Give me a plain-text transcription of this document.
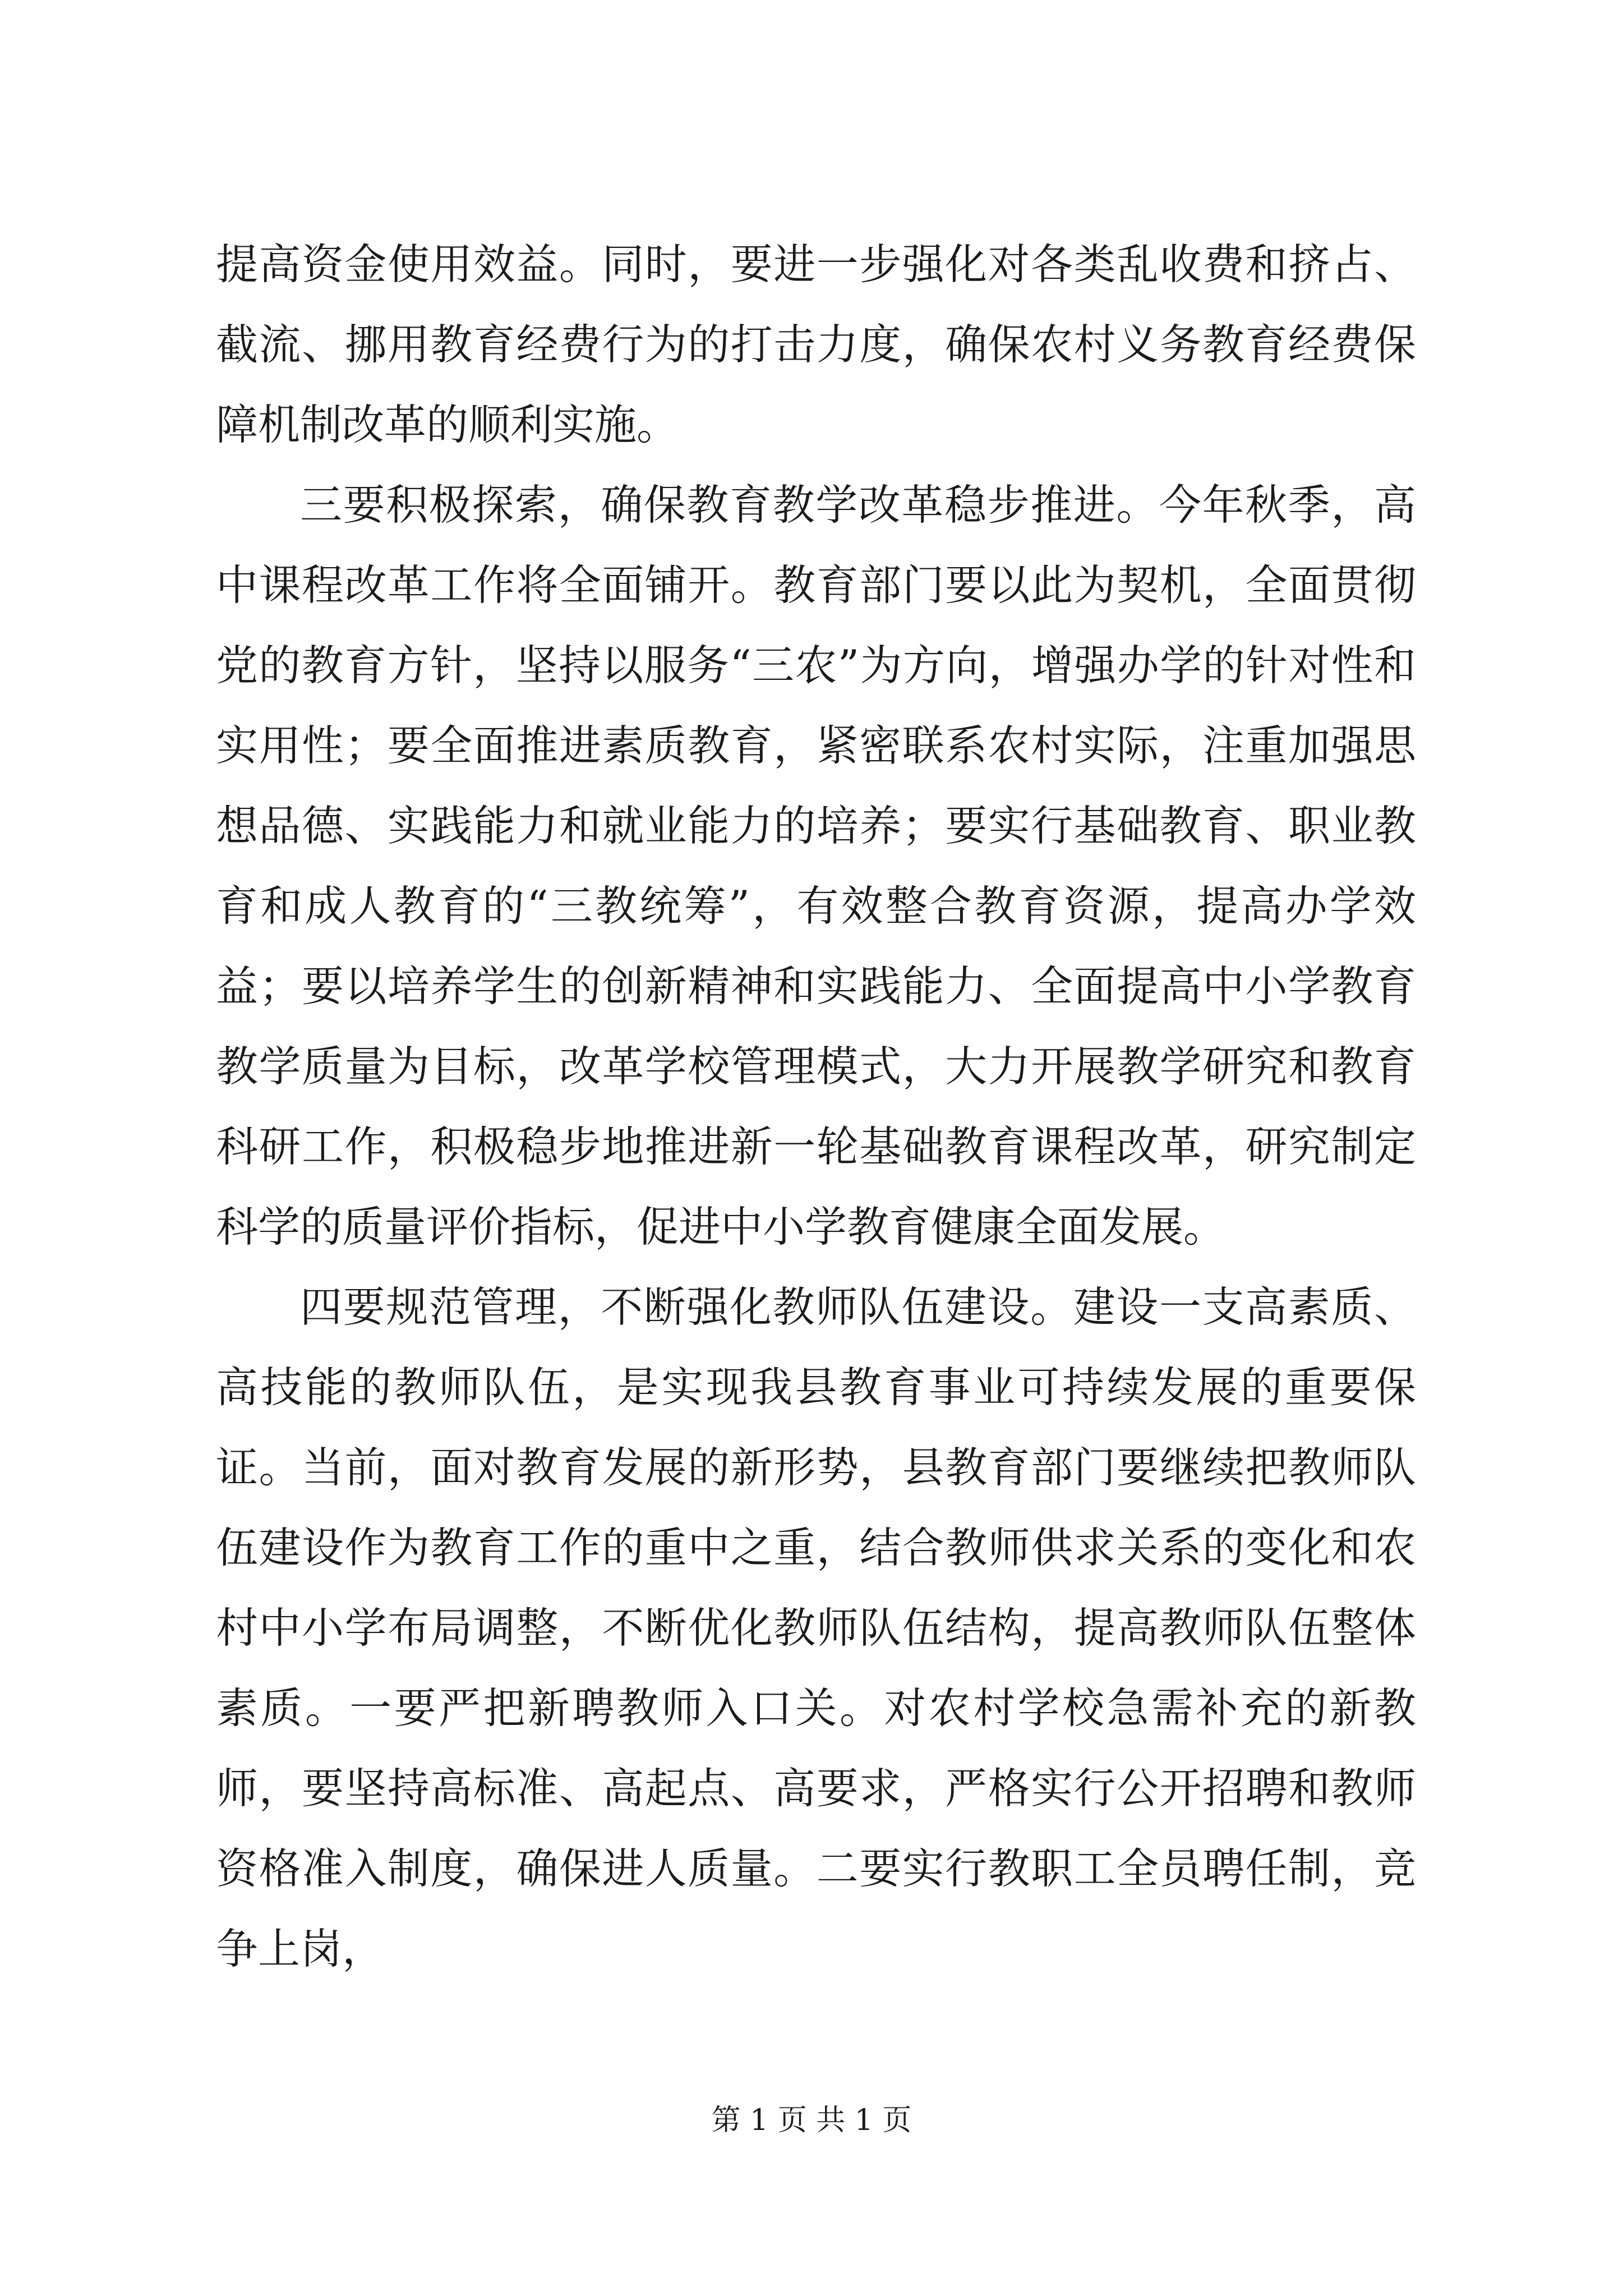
提高资金使用效益。同时，要进一步强化对各类乱收费和挤占、截流、挪用教育经费行为的打击力度，确保农村义务教育经费保障机制改革的顺利实施。

三要积极探索，确保教育教学改革稳步推进。今年秋季，高中课程改革工作将全面铺开。教育部门要以此为契机，全面贯彻党的教育方针，坚持以服务“三农”为方向，增强办学的针对性和实用性；要全面推进素质教育，紧密联系农村实际，注重加强思想品德、实践能力和就业能力的培养；要实行基础教育、职业教育和成人教育的“三教统筹”，有效整合教育资源，提高办学效益；要以培养学生的创新精神和实践能力、全面提高中小学教育教学质量为目标，改革学校管理模式，大力开展教学研究和教育科研工作，积极稳步地推进新一轮基础教育课程改革，研究制定科学的质量评价指标，促进中小学教育健康全面发展。

四要规范管理，不断强化教师队伍建设。建设一支高素质、高技能的教师队伍，是实现我县教育事业可持续发展的重要保证。当前，面对教育发展的新形势，县教育部门要继续把教师队伍建设作为教育工作的重中之重，结合教师供求关系的变化和农村中小学布局调整，不断优化教师队伍结构，提高教师队伍整体素质。一要严把新聘教师入口关。对农村学校急需补充的新教师，要坚持高标准、高起点、高要求，严格实行公开招聘和教师资格准入制度，确保进人质量。二要实行教职工全员聘任制，竞争上岗，

第 1 页 共 1 页
